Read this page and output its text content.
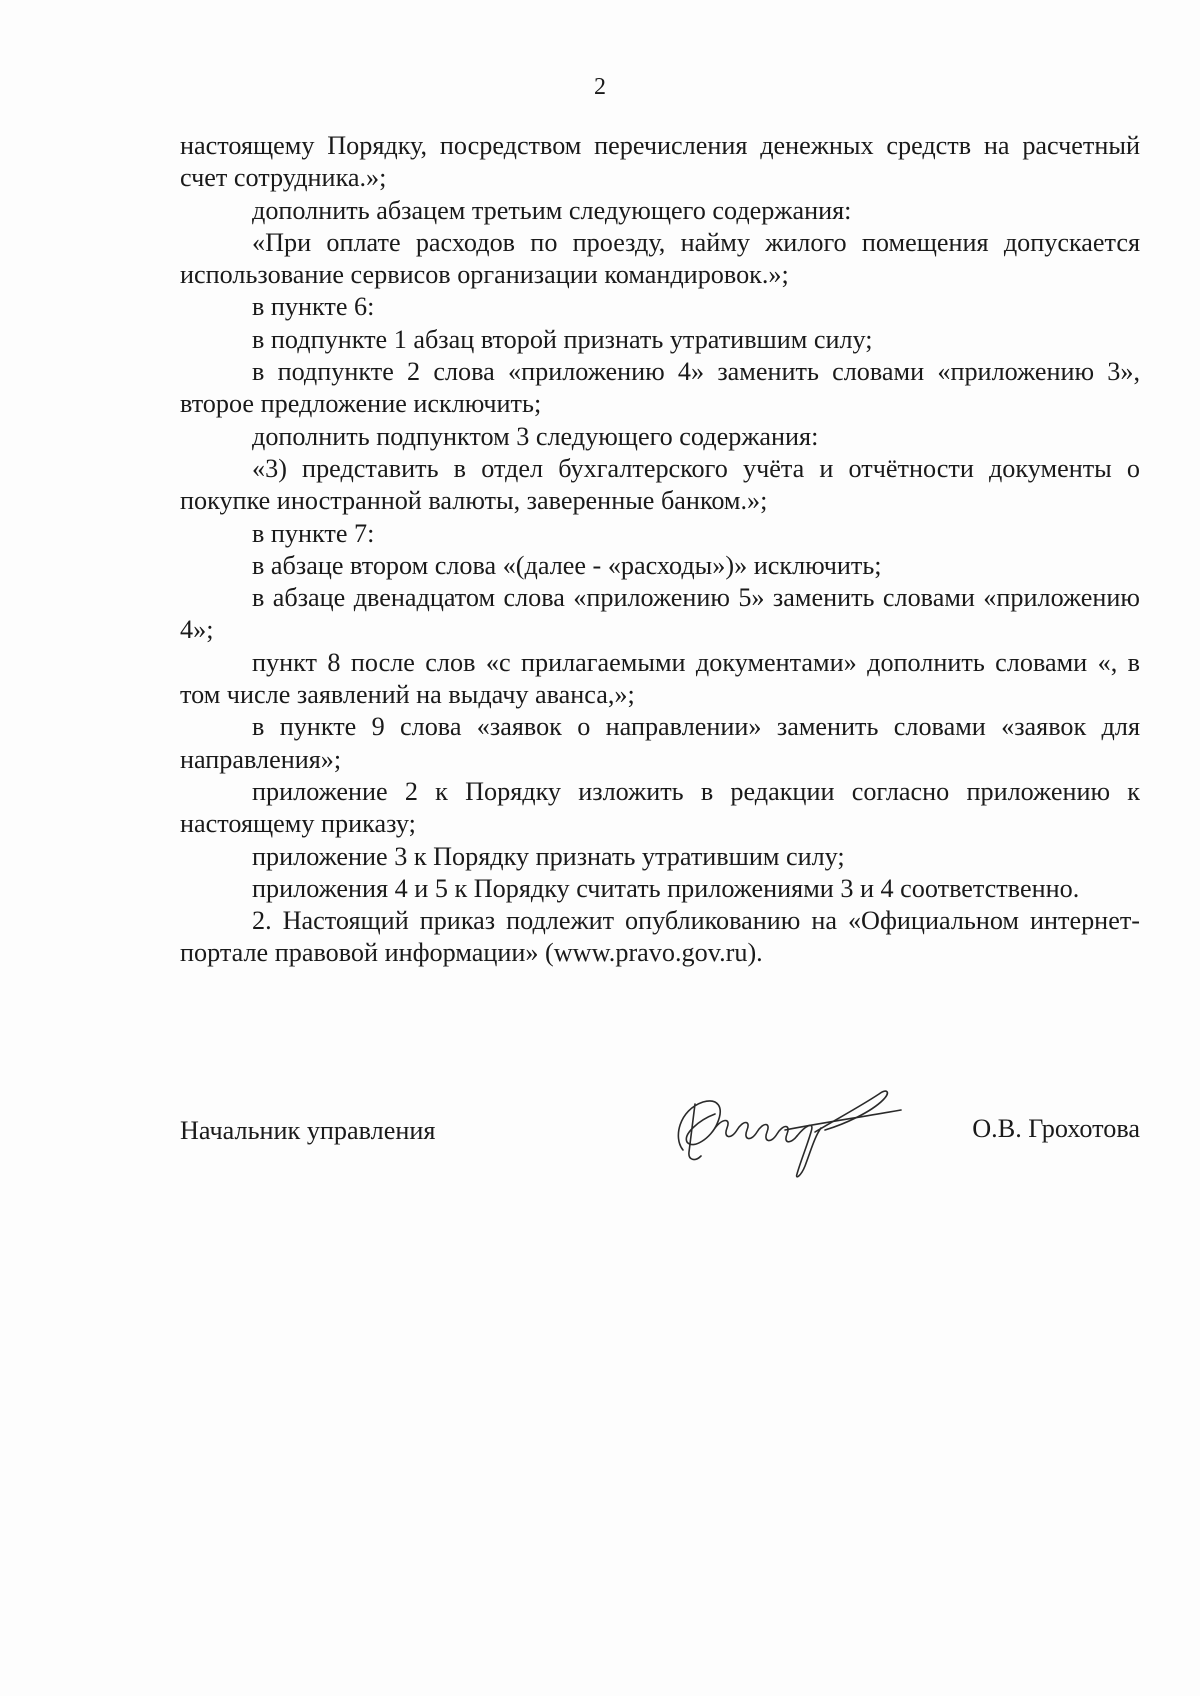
2

настоящему Порядку, посредством перечисления денежных средств на расчетный счет сотрудника.»;

дополнить абзацем третьим следующего содержания:

«При оплате расходов по проезду, найму жилого помещения допускается использование сервисов организации командировок.»;

в пункте 6:

в подпункте 1 абзац второй признать утратившим силу;

в подпункте 2 слова «приложению 4» заменить словами «приложению 3», второе предложение исключить;

дополнить подпунктом 3 следующего содержания:

«3) представить в отдел бухгалтерского учёта и отчётности документы о покупке иностранной валюты, заверенные банком.»;

в пункте 7:

в абзаце втором слова «(далее - «расходы»)» исключить;

в абзаце двенадцатом слова «приложению 5» заменить словами «приложению 4»;

пункт 8 после слов «с прилагаемыми документами» дополнить словами «, в том числе заявлений на выдачу аванса,»;

в пункте 9 слова «заявок о направлении» заменить словами «заявок для направления»;

приложение 2 к Порядку изложить в редакции согласно приложению к настоящему приказу;

приложение 3 к Порядку признать утратившим силу;

приложения 4 и 5 к Порядку считать приложениями 3 и 4 соответственно.

2. Настоящий приказ подлежит опубликованию на «Официальном интернет-портале правовой информации» (www.pravo.gov.ru).

Начальник управления	О.В. Грохотова
